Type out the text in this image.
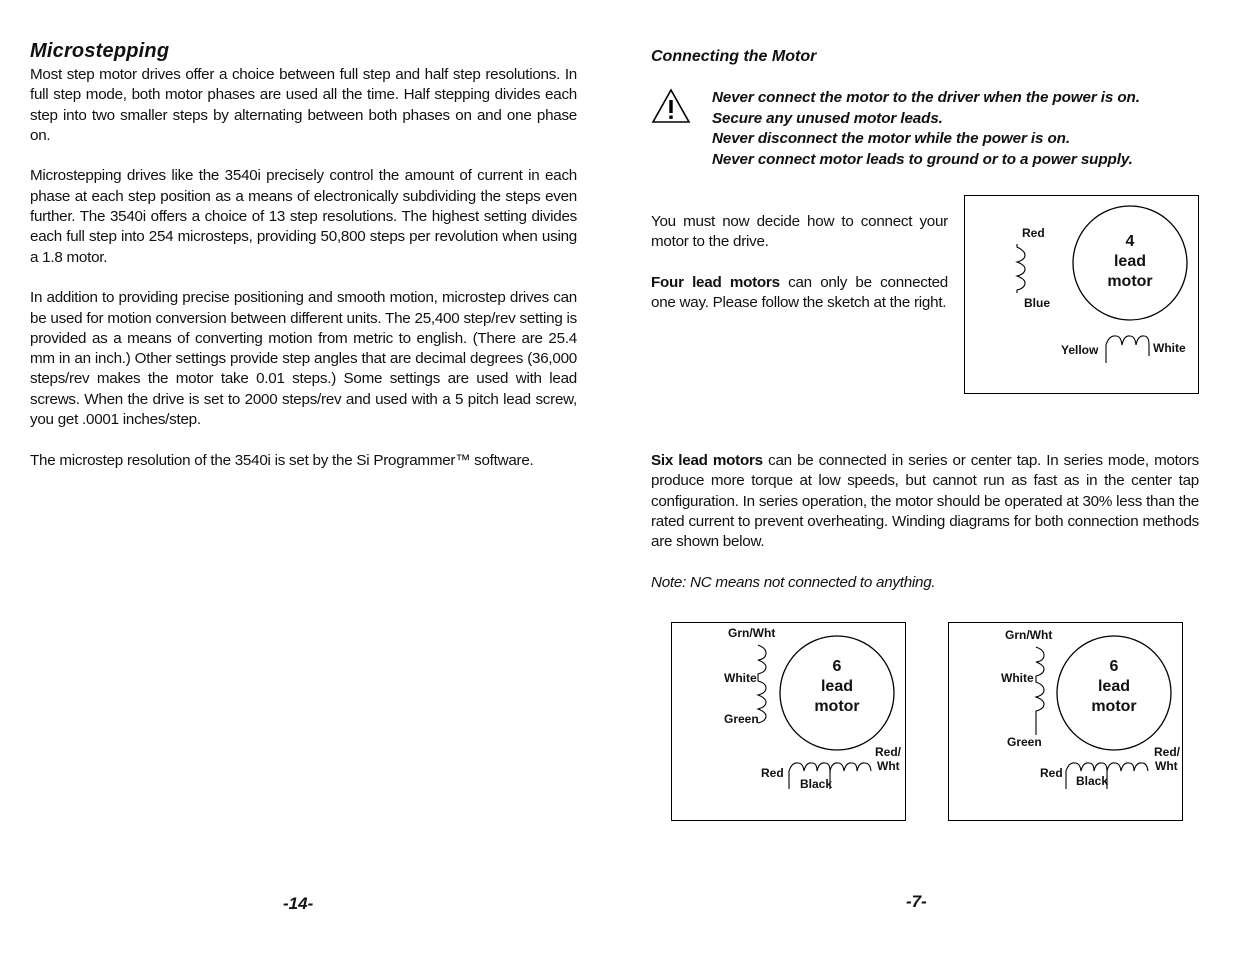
Microstepping

Most step motor drives offer a choice between full step and half step resolutions. In full step mode, both motor phases are used all the time. Half stepping divides each step into two smaller steps by alternating between both phases on and one phase on.

Microstepping drives like the 3540i precisely control the amount of current in each phase at each step position as a means of electronically subdividing the steps even further. The 3540i offers a choice of 13 step resolutions. The highest setting divides each full step into 254 microsteps, providing 50,800 steps per revolution when using a 1.8 motor.

In addition to providing precise positioning and smooth motion, microstep drives can be used for motion conversion between different units. The 25,400 step/rev setting is provided as a means of converting motion from metric to english. (There are 25.4 mm in an inch.) Other settings provide step angles that are decimal degrees (36,000 steps/rev makes the motor take 0.01 steps.) Some settings are used with lead screws. When the drive is set to 2000 steps/rev and used with a 5 pitch lead screw, you get .0001 inches/step.

The microstep resolution of the 3540i is set by the Si Programmer™ software.

-14-
Connecting the Motor
Never connect the motor to the driver when the power is on.
Secure any unused motor leads.
Never disconnect the motor while the power is on.
Never connect motor leads to ground or to a power supply.

You must now decide how to connect your motor to the drive.

Four lead motors can only be connected one way. Please follow the sketch at the right.

Six lead motors can be connected in series or center tap. In series mode, motors produce more torque at low speeds, but cannot run as fast as in the center tap configuration. In series operation, the motor should be operated at 30% less than the rated current to prevent overheating. Winding diagrams for both connection methods are shown below.

Note: NC means not connected to anything.

4
lead
motor
Red
Blue
Yellow	White
6
lead
motor
Grn/Wht
White
Green
Red
Black
Red/
Wht
6
lead
motor
Grn/Wht
White
Green
Red
Black
Red/
Wht
-7-
